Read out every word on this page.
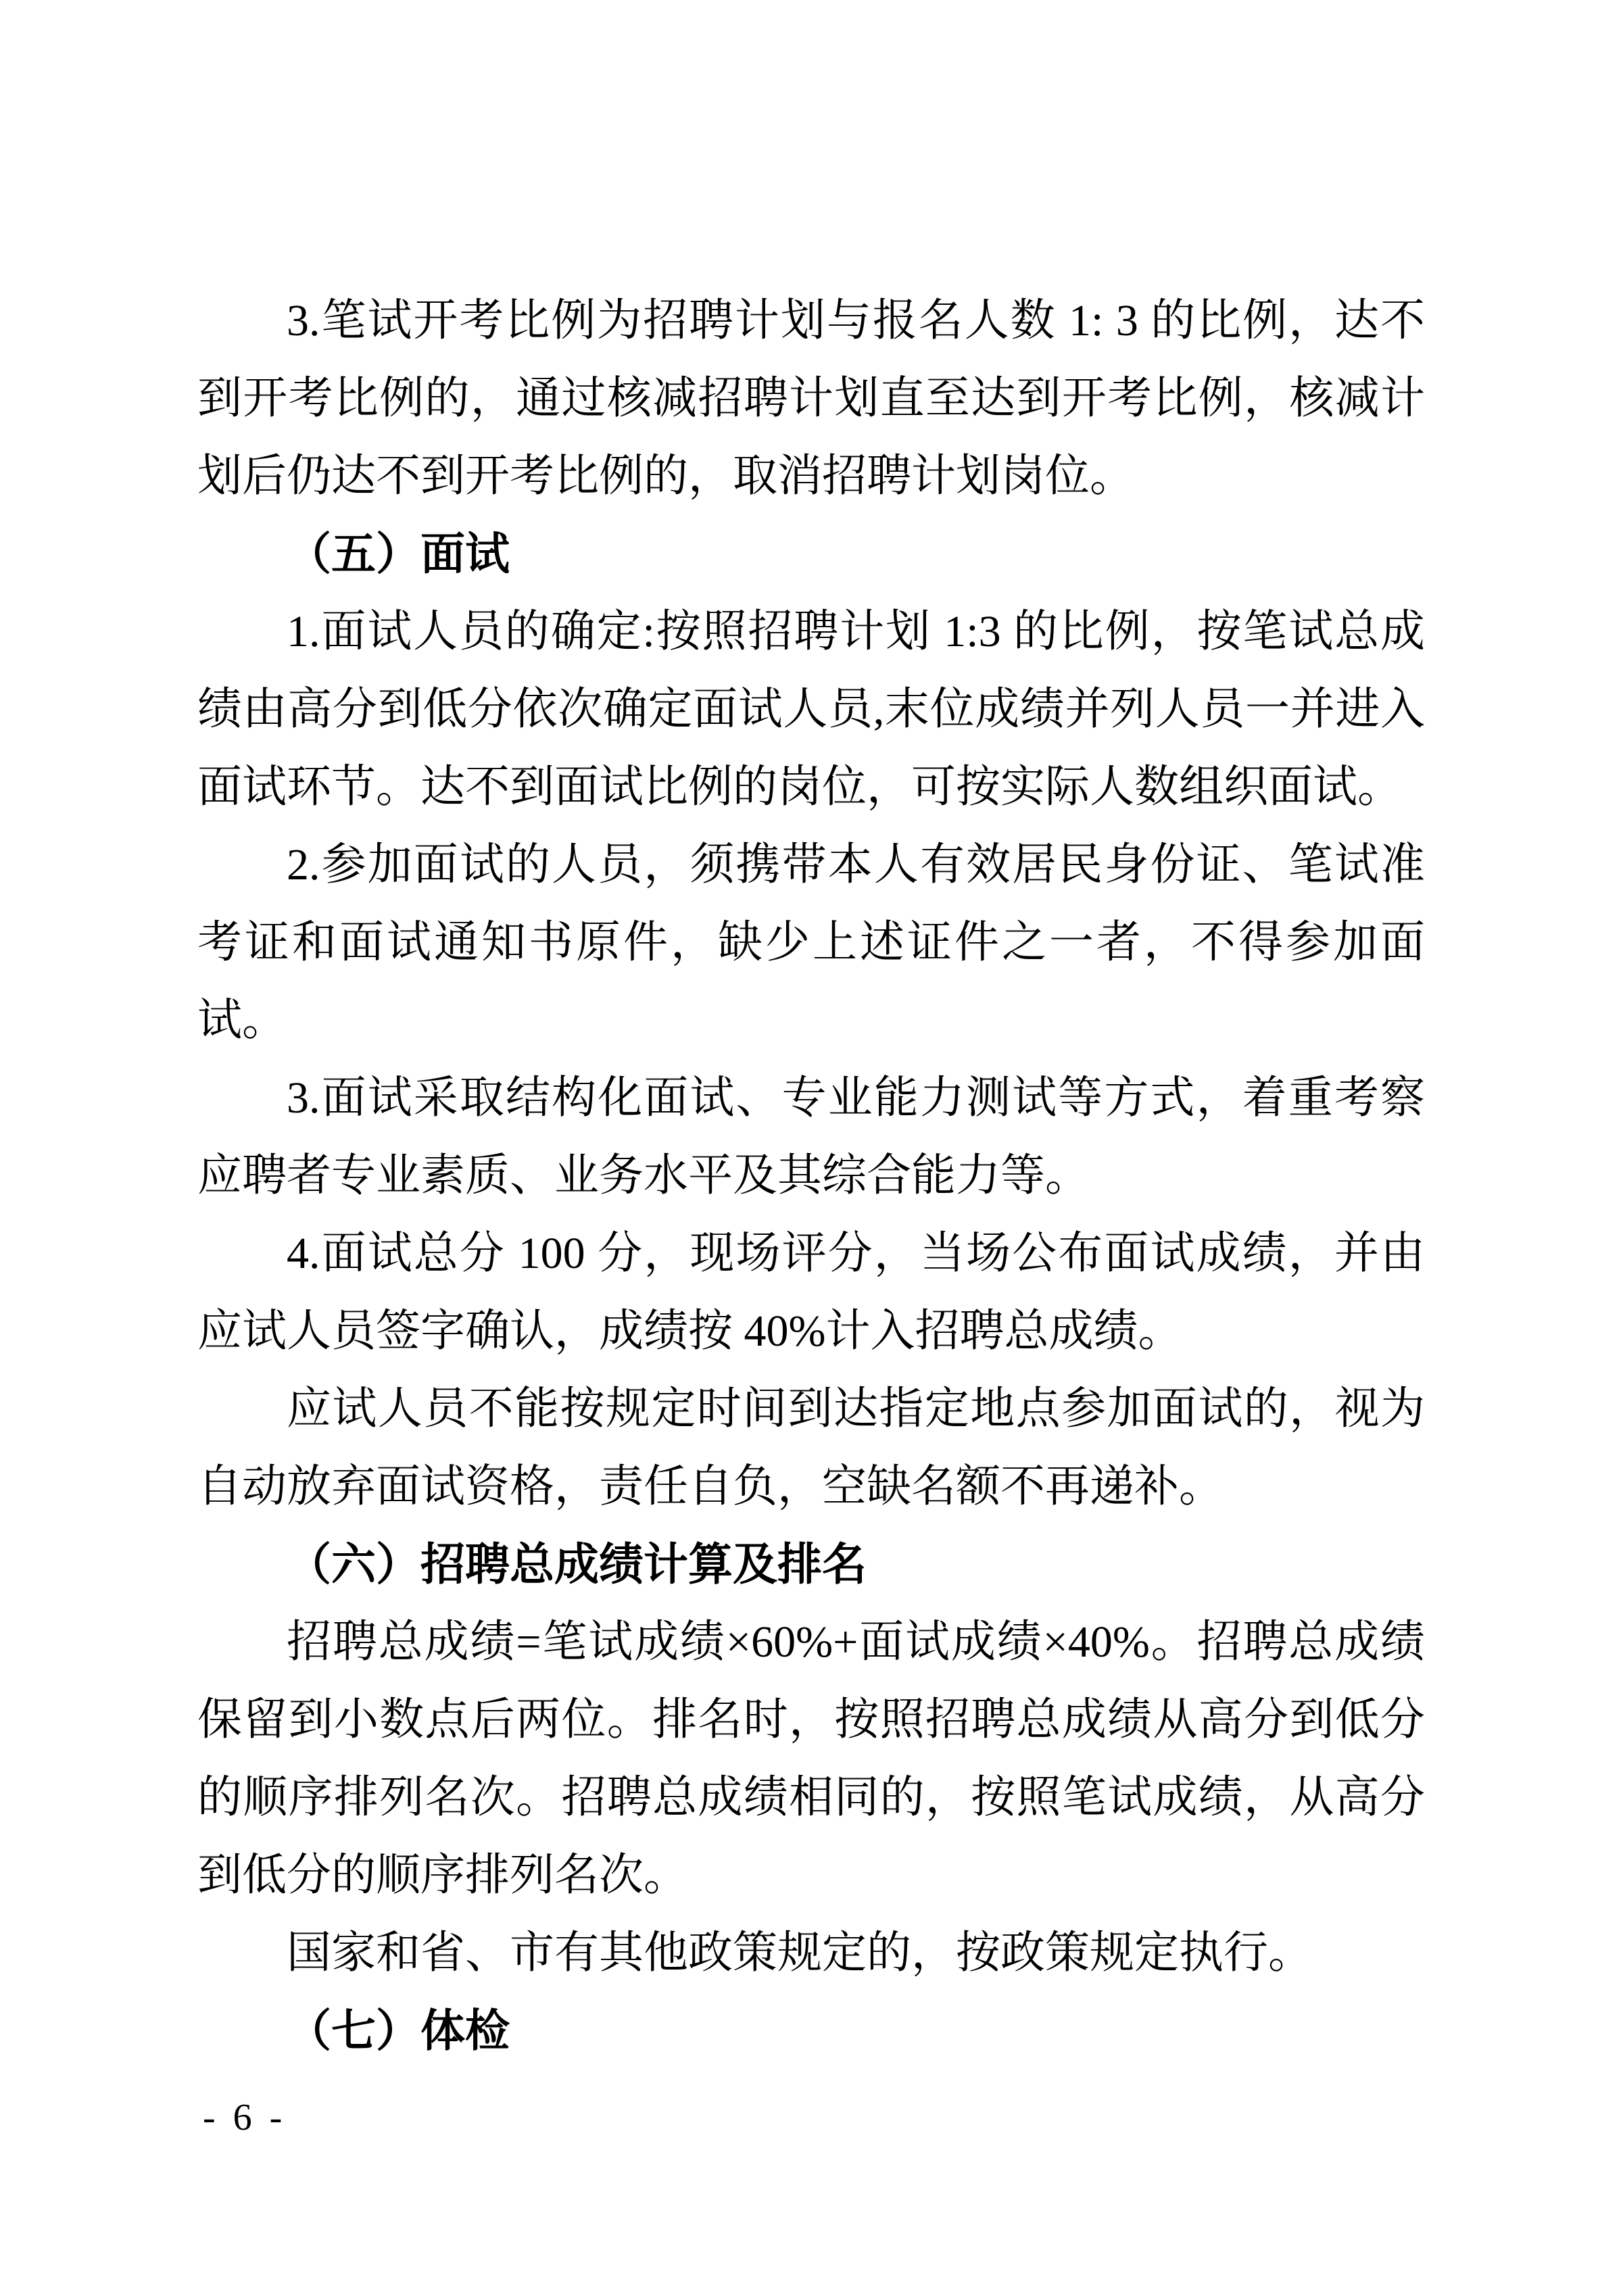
3.笔试开考比例为招聘计划与报名人数 1: 3 的比例，达不到开考比例的，通过核减招聘计划直至达到开考比例，核减计划后仍达不到开考比例的，取消招聘计划岗位。

（五）面试

1.面试人员的确定:按照招聘计划 1:3 的比例，按笔试总成绩由高分到低分依次确定面试人员,末位成绩并列人员一并进入面试环节。达不到面试比例的岗位，可按实际人数组织面试。

2.参加面试的人员，须携带本人有效居民身份证、笔试准考证和面试通知书原件，缺少上述证件之一者，不得参加面试。

3.面试采取结构化面试、专业能力测试等方式，着重考察应聘者专业素质、业务水平及其综合能力等。

4.面试总分 100 分，现场评分，当场公布面试成绩，并由应试人员签字确认，成绩按 40%计入招聘总成绩。

应试人员不能按规定时间到达指定地点参加面试的，视为自动放弃面试资格，责任自负，空缺名额不再递补。

（六）招聘总成绩计算及排名

招聘总成绩=笔试成绩×60%+面试成绩×40%。招聘总成绩保留到小数点后两位。排名时，按照招聘总成绩从高分到低分的顺序排列名次。招聘总成绩相同的，按照笔试成绩，从高分到低分的顺序排列名次。

国家和省、市有其他政策规定的，按政策规定执行。

（七）体检

- 6 -
